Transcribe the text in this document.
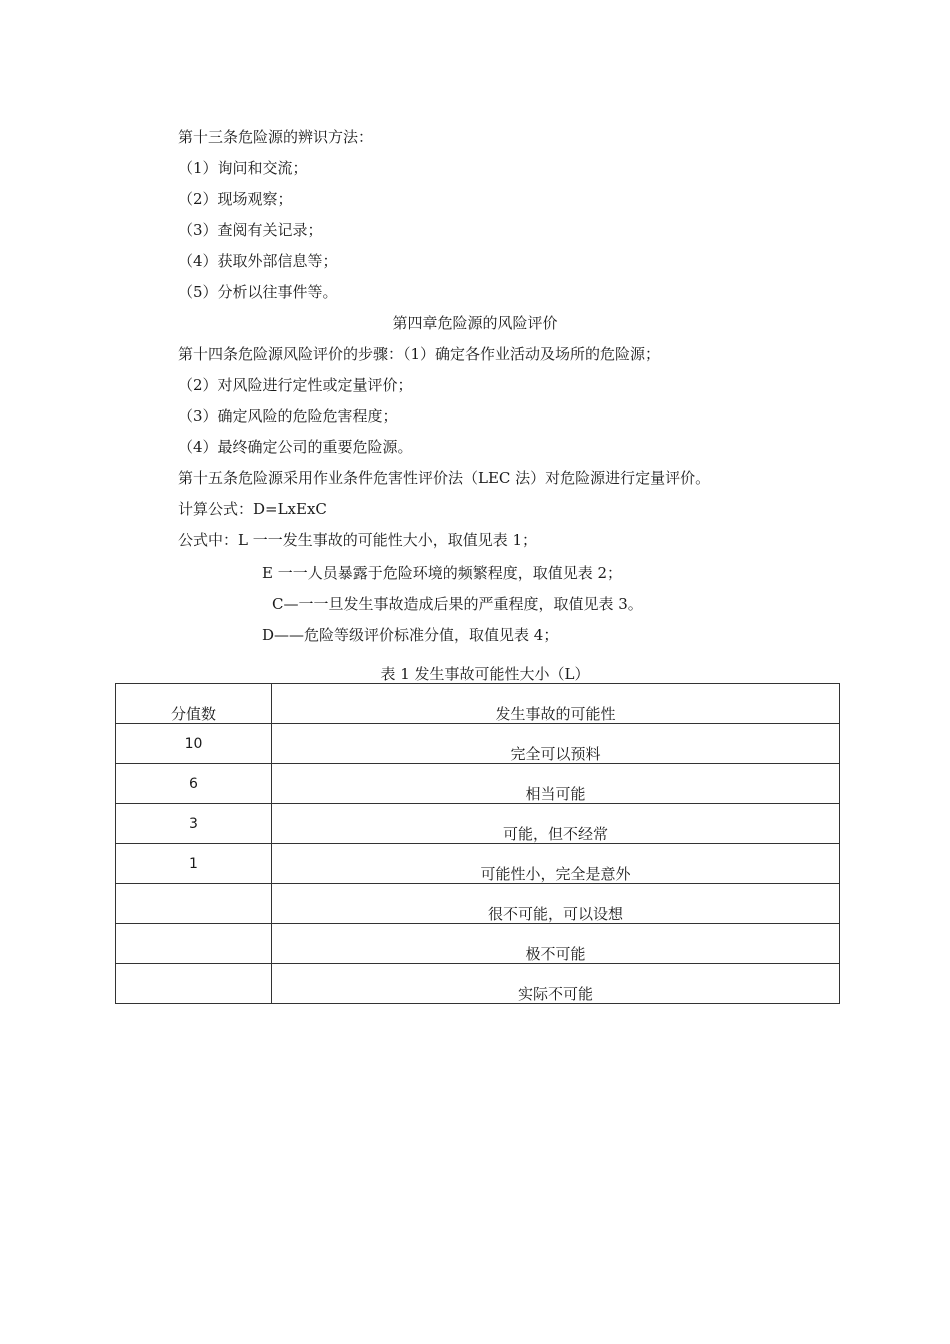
第十三条危险源的辨识方法：
（1）询问和交流；
（2）现场观察；
（3）查阅有关记录；
（4）获取外部信息等；
（5）分析以往事件等。
第四章危险源的风险评价
第十四条危险源风险评价的步骤：（1）确定各作业活动及场所的危险源；
（2）对风险进行定性或定量评价；
（3）确定风险的危险危害程度；
（4）最终确定公司的重要危险源。
第十五条危险源采用作业条件危害性评价法（LEC 法）对危险源进行定量评价。
计算公式：D=LxExC
公式中：L 一一发生事故的可能性大小，取值见表 1；
E 一一人员暴露于危险环境的频繁程度，取值见表 2；
C—一一旦发生事故造成后果的严重程度，取值见表 3。
D——危险等级评价标准分值，取值见表 4；
表 1 发生事故可能性大小（L）
分值数	发生事故的可能性
10	完全可以预料
6	相当可能
3	可能，但不经常
1	可能性小，完全是意外
	很不可能，可以设想
	极不可能
	实际不可能
